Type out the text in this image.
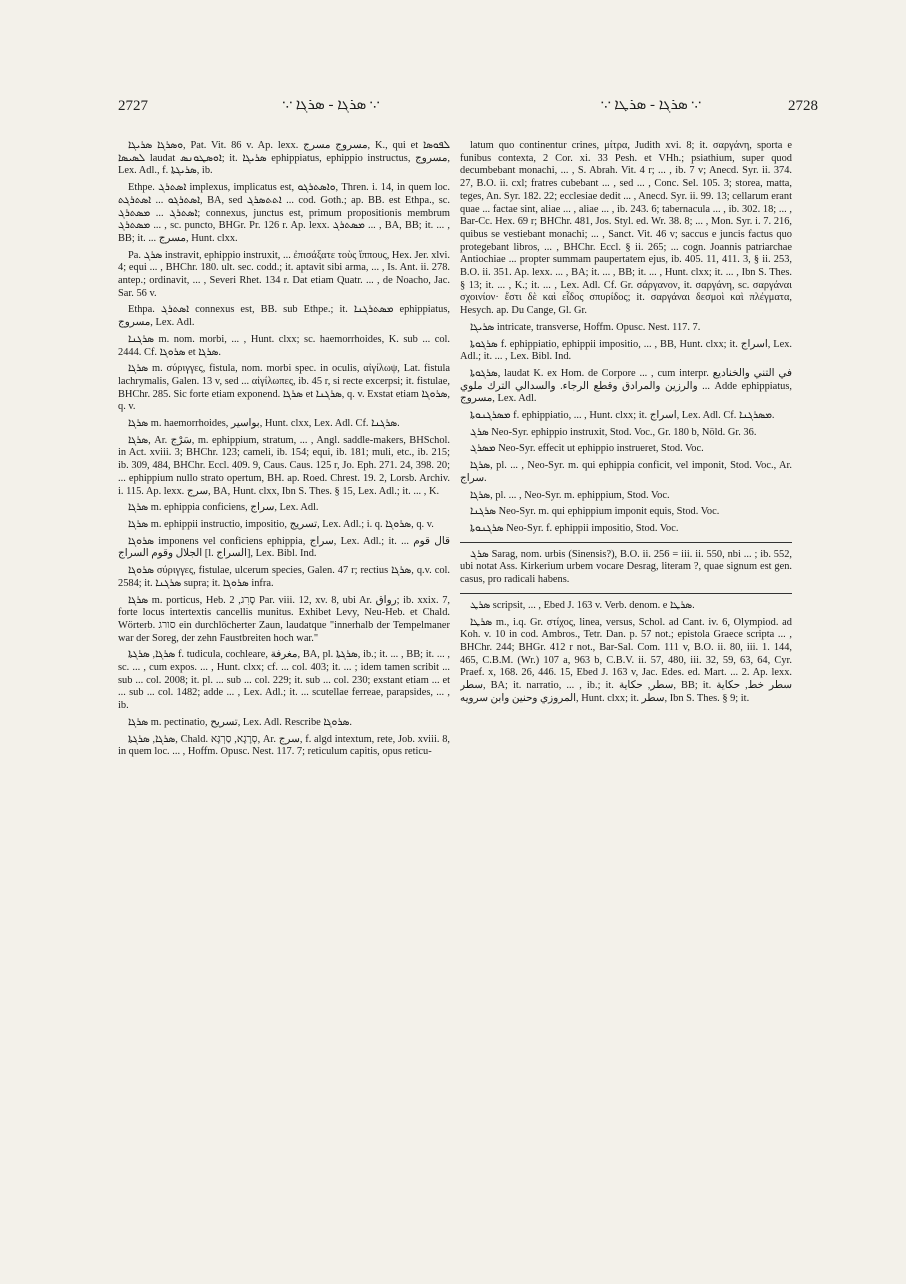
2727	⸪ ܣܪܓܐ - ܣܪܓܐ ⸪	⸪ ܣܪܓܐ - ܣܪܛܐ ⸪	2728

ܘܣܪܓܐ ܣܪܝܓܐ, Pat. Vit. 86 v. Ap. lexx. مسروج مسرج, K., qui et ܠܦܘܣܐ ܠܣܝܣܐ laudat ܐܘܣܛܘܢܣ; it. ܣܪܝܓܐ ephippiatus, ephippio instructus, مسروج, Lex. Adl., f. ܣܪܝܓܬܐ, ib.

Ethpe. ܐܣܬܪܓ implexus, implicatus est, ܘܐܣܬܪܓܘ, Thren. i. 14, in quem loc. ܐܣܬܪܓܘ ... ܐܣܬܪܓܬ, BA, sed ܐܬܬܣܪܓ ... cod. Goth.; ap. BB. est Ethpa., sc. ܐܣܬܪܓ ... ܡܣܬܪܓ; connexus, junctus est, primum propositionis membrum ܡܣܬܪܓ ... , sc. puncto, BHGr. Pr. 126 r. Ap. lexx. ܡܣܬܪܓ ... , BA, BB; it. ... , BB; it. ... مسرج, Hunt. clxx.

Pa. ܣܪܓ instravit, ephippio instruxit, ... ἐπισάξατε τοὺς ἵππους, Hex. Jer. xlvi. 4; equi ... , BHChr. 180. ult. sec. codd.; it. aptavit sibi arma, ... , Is. Ant. ii. 278. antep.; ordinavit, ... , Severi Rhet. 134 r. Dat etiam Quatr. ... , de Noacho, Jac. Sar. 56 v.

Ethpa. ܐܣܬܪܓ connexus est, BB. sub Ethpe.; it. ܡܣܬܪܓܢܐ ephippiatus, مسروج, Lex. Adl.

ܣܪܓܢܐ m. nom. morbi, ... , Hunt. clxx; sc. haemorrhoides, K. sub ... col. 2444. Cf. ܣܪܘܓܐ et ܣܪܓܐ.

ܣܪܓܐ m. σύριγγες, fistula, nom. morbi spec. in oculis, αἰγίλωψ, Lat. fistula lachrymalis, Galen. 13 v, sed ... αἰγίλωπες, ib. 45 r, si recte excerpsi; it. fistulae, BHChr. 285. Sic forte etiam exponend. ܣܪܓܐ et ܣܪܓܢܐ, q. v. Exstat etiam ܣܪܘܓܐ, q. v.

ܣܪܓܐ m. haemorrhoides, بواسير, Hunt. clxx, Lex. Adl. Cf. ܣܪܓܢܐ.

ܣܪܓܐ, Ar. سَرْج, m. ephippium, stratum, ... , Angl. saddle-makers, BHSchol. in Act. xviii. 3; BHChr. 123; cameli, ib. 154; equi, ib. 181; muli, etc., ib. 215; ib. 309, 484, BHChr. Eccl. 409. 9, Caus. Caus. 125 r, Jo. Eph. 271. 24, 398. 20; ... ephippium nullo strato opertum, BH. ap. Roed. Chrest. 19. 2, Lorsb. Archiv. i. 115. Ap. lexx. سرج, BA, Hunt. clxx, Ibn S. Thes. § 15, Lex. Adl.; it. ... , K.

ܣܪܓܐ m. ephippia conficiens, سراج, Lex. Adl.

ܣܪܓܐ m. ephippii instructio, impositio, تسريج, Lex. Adl.; i. q. ܣܪܘܓܐ, q. v.

ܣܪܘܓܐ imponens vel conficiens ephippia, سراج, Lex. Adl.; it. ... قال قوم الجلال وقوم السراج [l. السراج], Lex. Bibl. Ind.

ܣܪܘܓܐ σύριγγες, fistulae, ulcerum species, Galen. 47 r; rectius ܣܪܓܐ, q.v. col. 2584; it. ܣܪܓܢܐ supra; it. ܣܪܘܓܐ infra.

ܣܪܓܐ m. porticus, Heb. סָרִג, 2 Par. viii. 12, xv. 8, ubi Ar. رواق; ib. xxix. 7, forte locus intertextis cancellis munitus. Exhibet Levy, Neu-Heb. et Chald. Wörterb. סורג ein durchlöcherter Zaun, laudatque "innerhalb der Tempelmaner war der Soreg, der zehn Faustbreiten hoch war."

ܣܪܓܐ, ܣܪܓܬܐ f. tudicula, cochleare, مغرفة, BA, pl. ܣܪܓܬܐ, ib.; it. ... , BB; it. ... , sc. ... , cum expos. ... , Hunt. clxx; cf. ... col. 403; it. ... ; idem tamen scribit ... sub ... col. 2008; it. pl. ... sub ... col. 229; it. sub ... col. 230; exstant etiam ... et ... sub ... col. 1482; adde ... , Lex. Adl.; it. ... scutellae ferreae, parapsides, ... , ib.

ܣܪܓܐ m. pectinatio, تسريح, Lex. Adl. Rescribe ܣܪܘܓܐ.

ܣܪܓܐ, ܣܪܓܬܐ, Chald. סְרָגָא, סַרְגָּא, Ar. سرج, f. algd intextum, rete, Job. xviii. 8, in quem loc. ... , Hoffm. Opusc. Nest. 117. 7; reticulum capitis, opus reticu-

latum quo continentur crines, μίτρα, Judith xvi. 8; it. σαργάνη, sporta e funibus contexta, 2 Cor. xi. 33 Pesh. et VHh.; psiathium, super quod decumbebant monachi, ... , S. Abrah. Vit. 4 r; ... , ib. 7 v; Anecd. Syr. ii. 374. 27, B.O. ii. cxl; fratres cubebant ... , sed ... , Conc. Sel. 105. 3; storea, matta, teges, An. Syr. 182. 22; ecclesiae dedit ... , Anecd. Syr. ii. 99. 13; cellarum erant quae ... factae sint, aliae ... , aliae ... , ib. 243. 6; tabernacula ... , ib. 302. 18; ... , Bar-Cc. Hex. 69 r; BHChr. 481, Jos. Styl. ed. Wr. 38. 8; ... , Mon. Syr. i. 7. 216, quibus se vestiebant monachi; ... , Sanct. Vit. 46 v; saccus e juncis factus quo protegebant libros, ... , BHChr. Eccl. § ii. 265; ... cogn. Joannis patriarchae Antiochiae ... propter summam paupertatem ejus, ib. 405. 11, 411. 3, § ii. 253, B.O. ii. 351. Ap. lexx. ... , BA; it. ... , BB; it. ... , Hunt. clxx; it. ... , Ibn S. Thes. § 13; it. ... , K.; it. ... , Lex. Adl. Cf. Gr. σάργανον, it. σαργάνη, sc. σαργάναι σχοινίον· ἔστι δὲ καὶ εἶδος σπυρίδος; it. σαργάναι δεσμοὶ καὶ πλέγματα, Hesych. ap. Du Cange, Gl. Gr.

ܣܪܝܓܐ intricate, transverse, Hoffm. Opusc. Nest. 117. 7.

ܣܪܓܘܬܐ f. ephippiatio, ephippii impositio, ... , BB, Hunt. clxx; it. اسراج, Lex. Adl.; it. ... , Lex. Bibl. Ind.

ܣܪܓܘܬܐ, laudat K. ex Hom. de Corpore ... , cum interpr. في التني والخناديع والرزين والمرادق وقطع الرجاء. والسدالي الترك ملوي ... Adde ephippiatus, مسروج, Lex. Adl.

ܡܣܪܓܢܘܬܐ f. ephippiatio, ... , Hunt. clxx; it. اسراج, Lex. Adl. Cf. ܡܣܪܓܢܐ.

ܣܪܓ Neo-Syr. ephippio instruxit, Stod. Voc., Gr. 180 b, Nöld. Gr. 36.

ܡܣܪܓ Neo-Syr. effecit ut ephippio instrueret, Stod. Voc.

ܣܪܓܐ, pl. ... , Neo-Syr. m. qui ephippia conficit, vel imponit, Stod. Voc., Ar. سراج.

ܣܪܓܐ, pl. ... , Neo-Syr. m. ephippium, Stod. Voc.

ܣܪܓܢܐ Neo-Syr. m. qui ephippium imponit equis, Stod. Voc.

ܣܪܓܢܘܬܐ Neo-Syr. f. ephippii impositio, Stod. Voc.

ܣܪܓ Sarag, nom. urbis (Sinensis?), B.O. ii. 256 = iii. ii. 550, nbi ... ; ib. 552, ubi notat Ass. Kirkerium urbem vocare Desrag, literam ?, quae signum est gen. casus, pro radicali habens.

ܣܪܛ scripsit, ... , Ebed J. 163 v. Verb. denom. e ܣܪܛܐ.

ܣܪܛܐ m., i.q. Gr. στίχος, linea, versus, Schol. ad Cant. iv. 6, Olympiod. ad Koh. v. 10 in cod. Ambros., Tetr. Dan. p. 57 not.; epistola Graece scripta ... , BHChr. 244; BHGr. 412 r not., Bar-Sal. Com. 111 v, B.O. ii. 80, iii. 1. 144, 465, C.B.M. (Wr.) 107 a, 963 b, C.B.V. ii. 57, 480, iii. 32, 59, 63, 64, Cyr. Praef. x, 168. 26, 446. 15, Ebed J. 163 v, Jac. Edes. ed. Mart. ... 2. Ap. lexx. سطر, BA; it. narratio, ... , ib.; it. سطر, حكاية, BB; it. سطر خط, حكاية المروزي وحنين وابن سرويه, Hunt. clxx; it. سطر, Ibn S. Thes. § 9; it.
